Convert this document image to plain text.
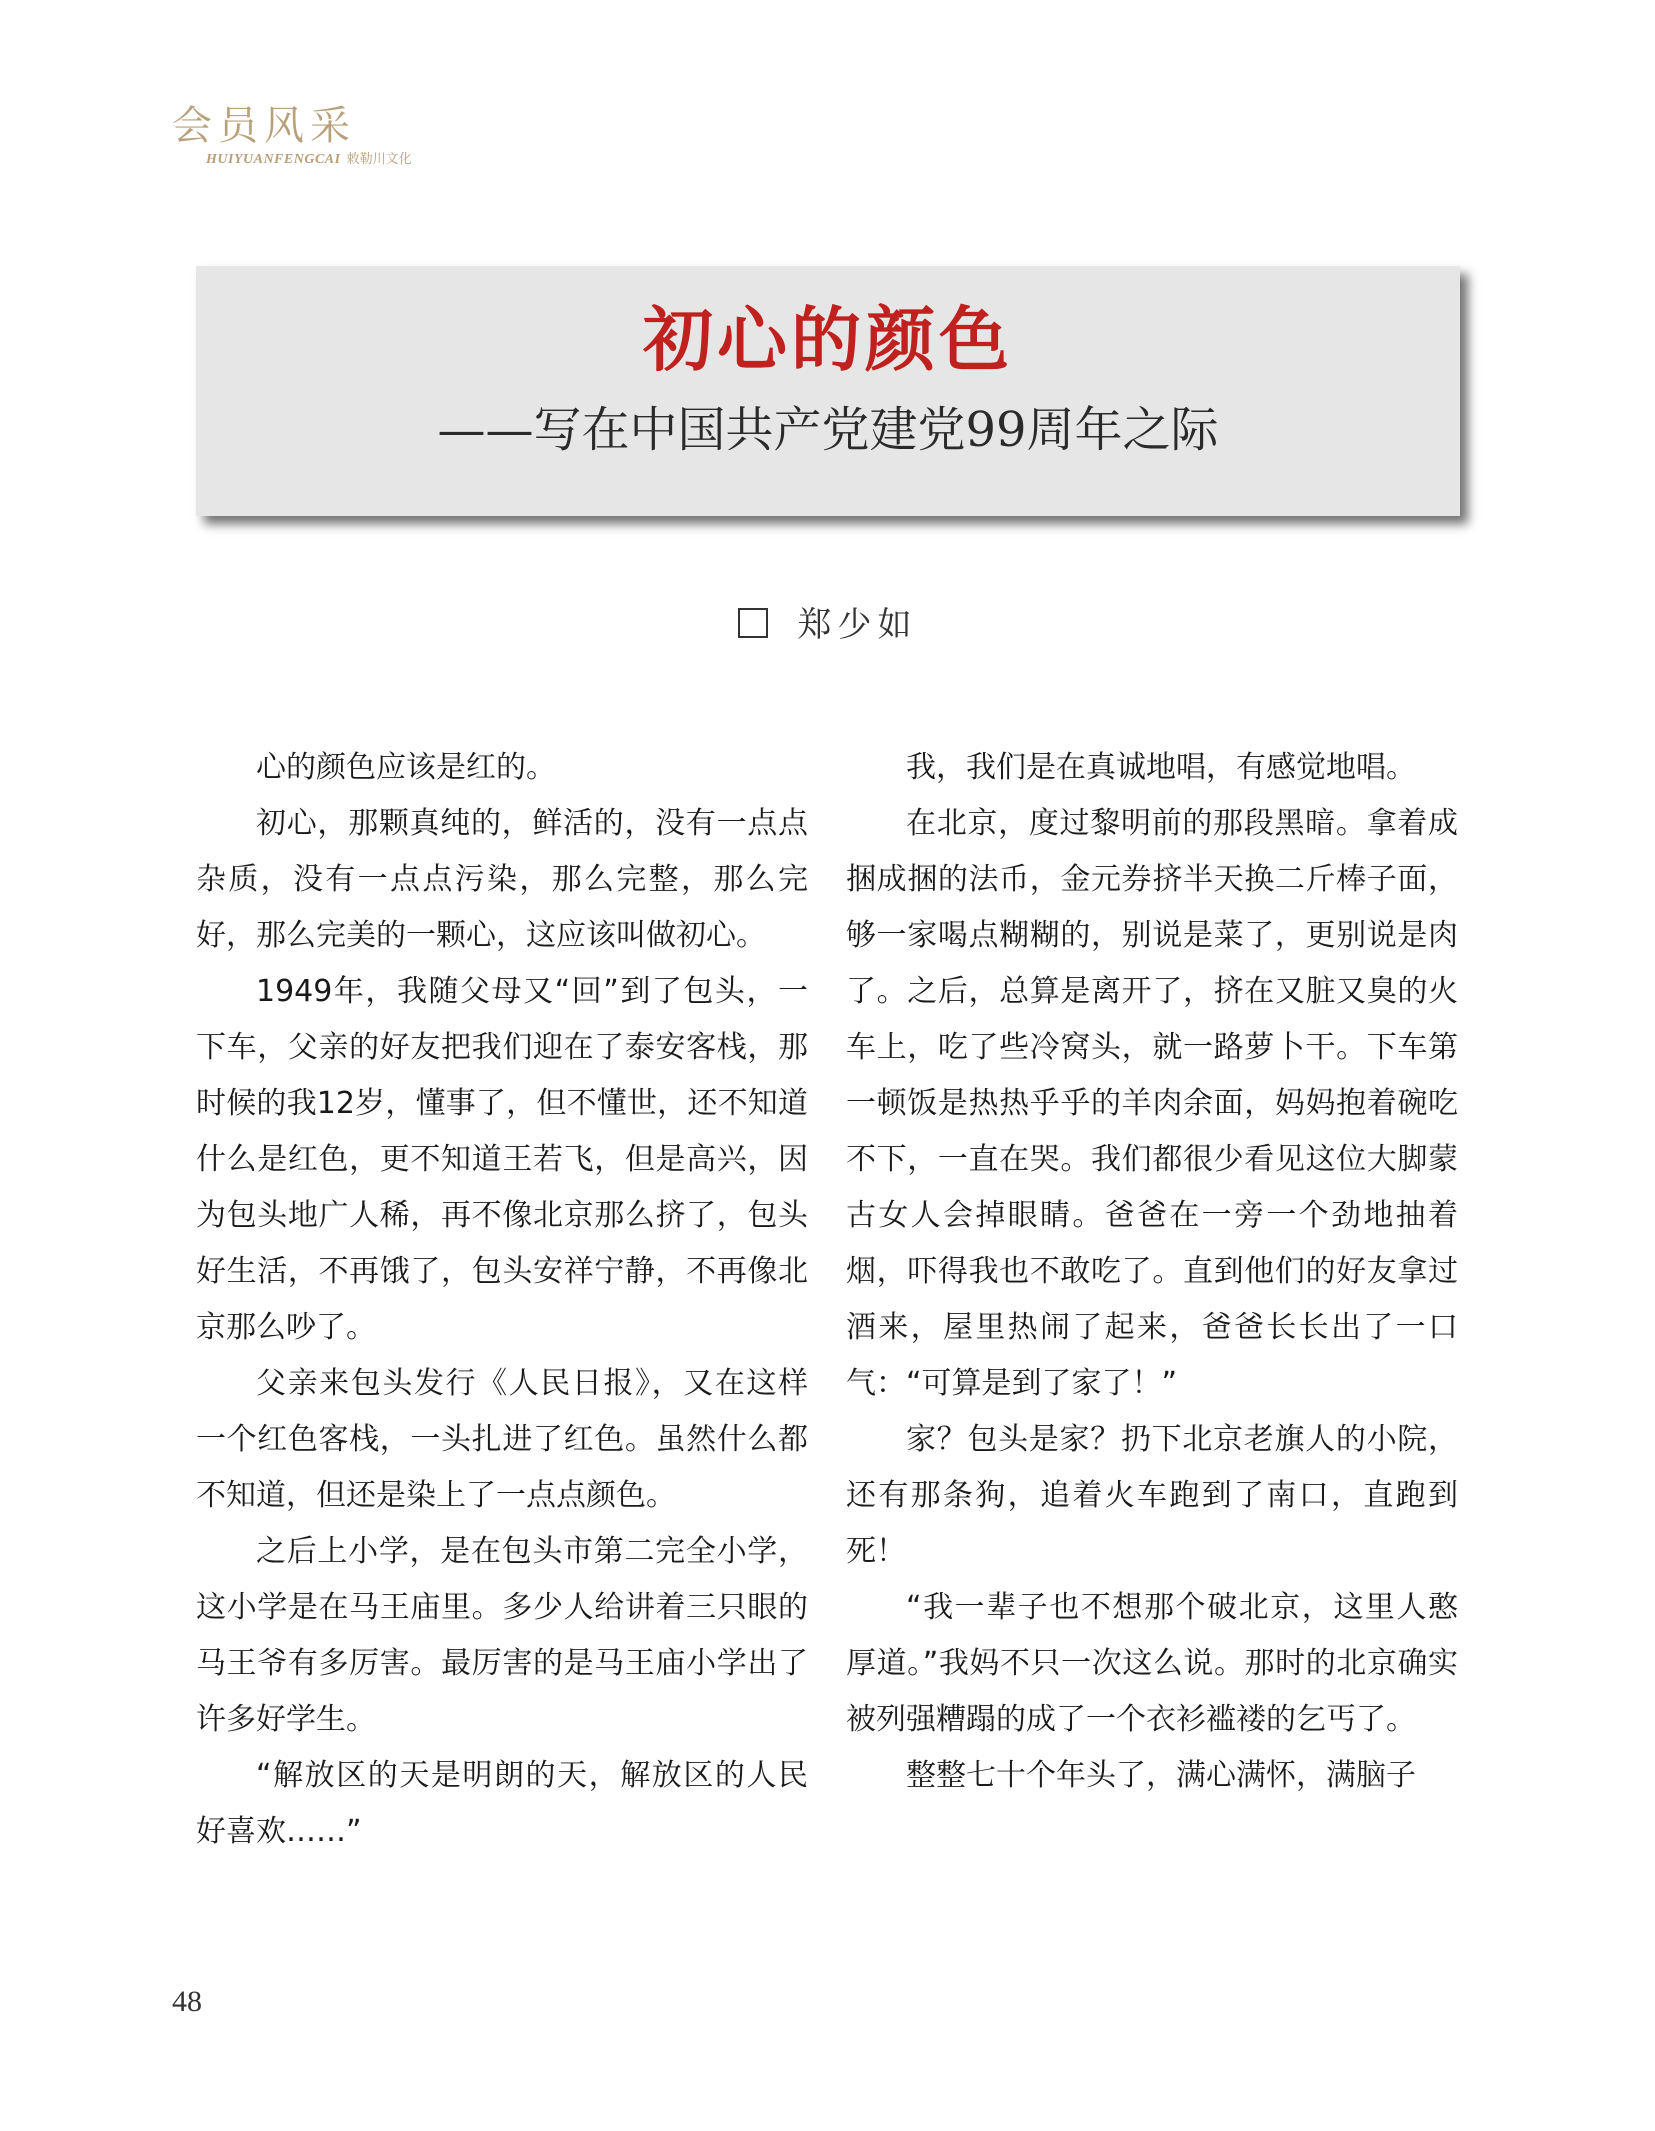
会员风采
HUIYUANFENGCAI 敕勒川文化
初心的颜色
——写在中国共产党建党99周年之际
郑少如

心的颜色应该是红的。

初心，那颗真纯的，鲜活的，没有一点点杂质，没有一点点污染，那么完整，那么完好，那么完美的一颗心，这应该叫做初心。

1949年，我随父母又“回”到了包头，一下车，父亲的好友把我们迎在了泰安客栈，那时候的我12岁，懂事了，但不懂世，还不知道什么是红色，更不知道王若飞，但是高兴，因为包头地广人稀，再不像北京那么挤了，包头好生活，不再饿了，包头安祥宁静，不再像北京那么吵了。

父亲来包头发行《人民日报》，又在这样一个红色客栈，一头扎进了红色。虽然什么都不知道，但还是染上了一点点颜色。

之后上小学，是在包头市第二完全小学，这小学是在马王庙里。多少人给讲着三只眼的马王爷有多厉害。最厉害的是马王庙小学出了许多好学生。

“解放区的天是明朗的天，解放区的人民好喜欢……”

我，我们是在真诚地唱，有感觉地唱。

在北京，度过黎明前的那段黑暗。拿着成捆成捆的法币，金元券挤半天换二斤棒子面，够一家喝点糊糊的，别说是菜了，更别说是肉了。之后，总算是离开了，挤在又脏又臭的火车上，吃了些冷窝头，就一路萝卜干。下车第一顿饭是热热乎乎的羊肉余面，妈妈抱着碗吃不下，一直在哭。我们都很少看见这位大脚蒙古女人会掉眼睛。爸爸在一旁一个劲地抽着烟，吓得我也不敢吃了。直到他们的好友拿过酒来，屋里热闹了起来，爸爸长长出了一口气：“可算是到了家了！”

家？包头是家？扔下北京老旗人的小院，还有那条狗，追着火车跑到了南口，直跑到死！

“我一辈子也不想那个破北京，这里人憨厚道。”我妈不只一次这么说。那时的北京确实被列强糟蹋的成了一个衣衫褴褛的乞丐了。

整整七十个年头了，满心满怀，满脑子

48
